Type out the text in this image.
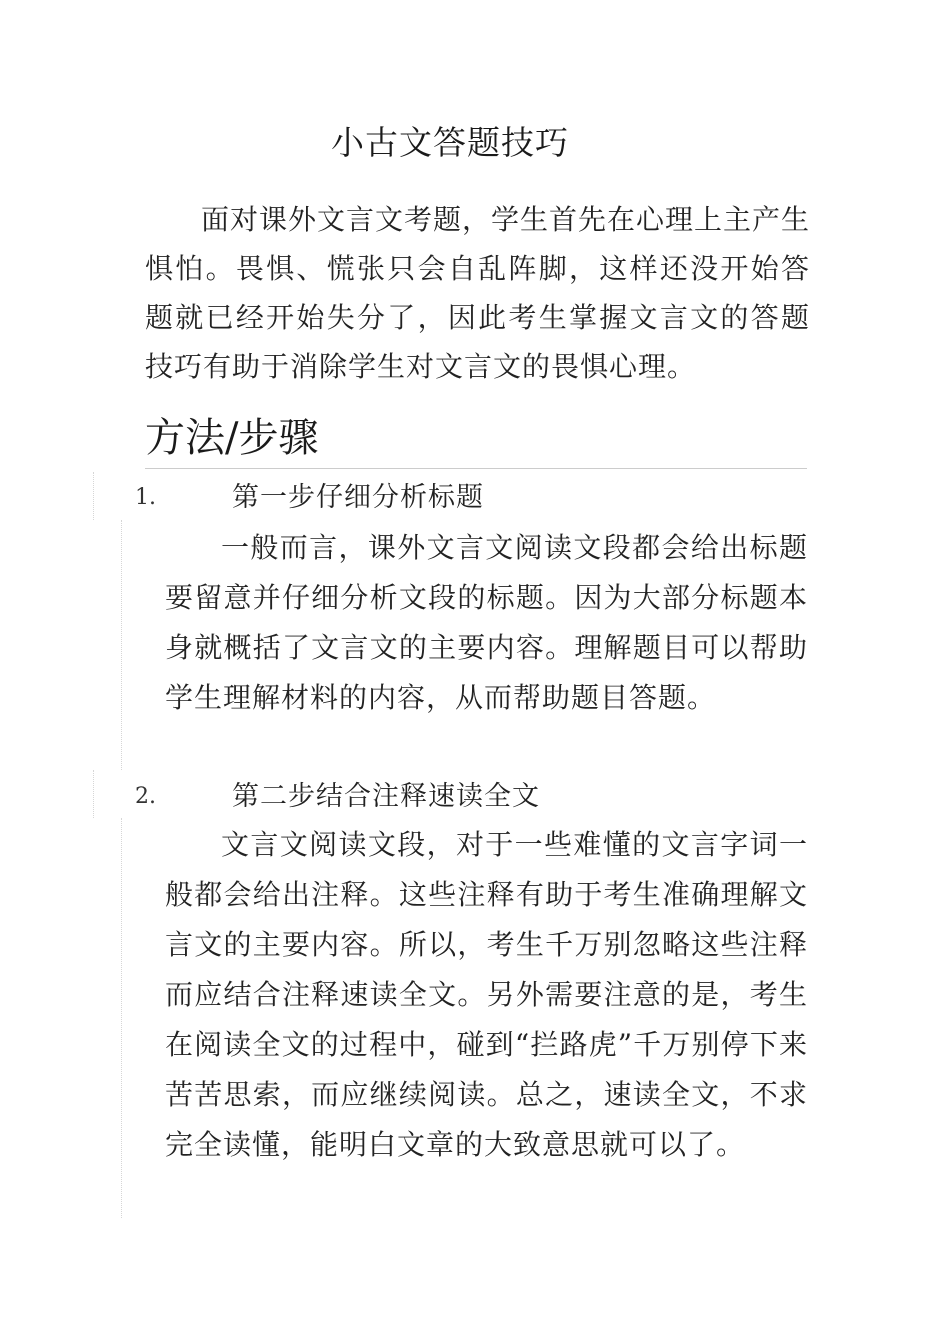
小古文答题技巧

面对课外文言文考题，学生首先在心理上主产生惧怕。畏惧、慌张只会自乱阵脚，这样还没开始答题就已经开始失分了，因此考生掌握文言文的答题技巧有助于消除学生对文言文的畏惧心理。

方法/步骤
1.	第一步仔细分析标题

一般而言，课外文言文阅读文段都会给出标题要留意并仔细分析文段的标题。因为大部分标题本身就概括了文言文的主要内容。理解题目可以帮助学生理解材料的内容，从而帮助题目答题。

2.	第二步结合注释速读全文

文言文阅读文段，对于一些难懂的文言字词一般都会给出注释。这些注释有助于考生准确理解文言文的主要内容。所以，考生千万别忽略这些注释而应结合注释速读全文。另外需要注意的是，考生在阅读全文的过程中，碰到“拦路虎”千万别停下来苦苦思索，而应继续阅读。总之，速读全文，不求完全读懂，能明白文章的大致意思就可以了。
